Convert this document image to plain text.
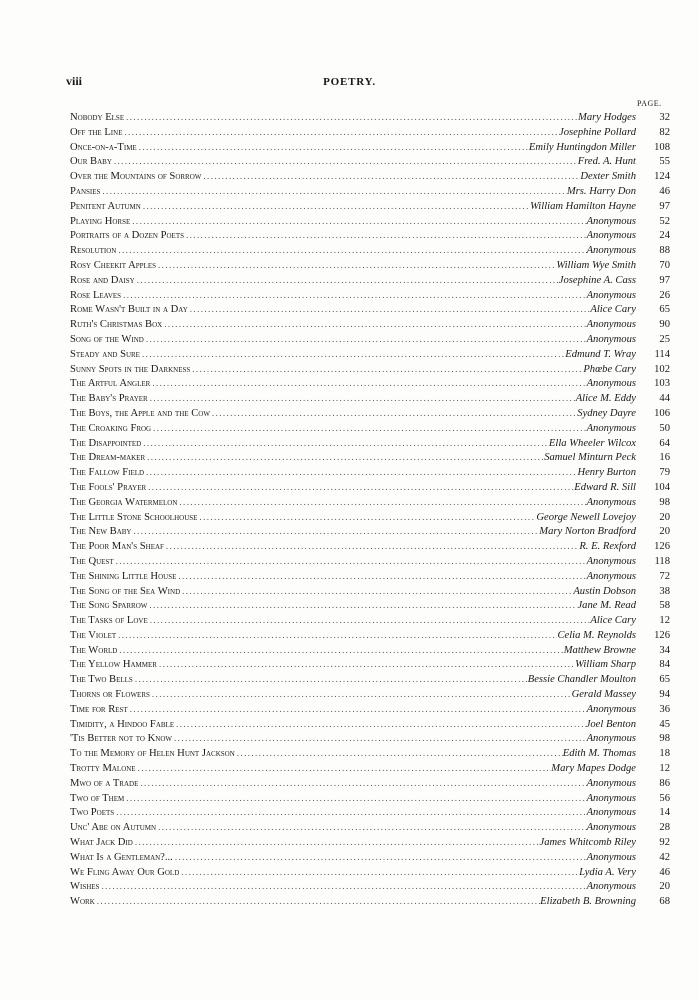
viii	POETRY.
PAGE.
Nobody Else .....	Mary Hodges	32
Off the Line .....	Josephine Pollard	82
Once-on-a-Time .....	Emily Huntingdon Miller	108
Our Baby .....	Fred. A. Hunt	55
Over the Mountains of Sorrow .....	Dexter Smith	124
Pansies .....	Mrs. Harry Don	46
Penitent Autumn .....	William Hamilton Hayne	97
Playing Horse .....	Anonymous	52
Portraits of a Dozen Poets .....	Anonymous	24
Resolution .....	Anonymous	88
Rosy Cheekit Apples .....	William Wye Smith	70
Rose and Daisy .....	Josephine A. Cass	97
Rose Leaves .....	Anonymous	26
Rome Wasn't Built in a Day .....	Alice Cary	65
Ruth's Christmas Box .....	Anonymous	90
Song of the Wind .....	Anonymous	25
Steady and Sure .....	Edmund T. Wray	114
Sunny Spots in the Darkness .....	Phœbe Cary	102
The Artful Angler .....	Anonymous	103
The Baby's Prayer .....	Alice M. Eddy	44
The Boys, the Apple and the Cow .....	Sydney Dayre	106
The Croaking Frog .....	Anonymous	50
The Disappointed .....	Ella Wheeler Wilcox	64
The Dream-maker .....	Samuel Minturn Peck	16
The Fallow Field .....	Henry Burton	79
The Fools' Prayer .....	Edward R. Sill	104
The Georgia Watermelon .....	Anonymous	98
The Little Stone Schoolhouse .....	George Newell Lovejoy	20
The New Baby .....	Mary Norton Bradford	20
The Poor Man's Sheaf .....	R. E. Rexford	126
The Quest .....	Anonymous	118
The Shining Little House .....	Anonymous	72
The Song of the Sea Wind .....	Austin Dobson	38
The Song Sparrow .....	Jane M. Read	58
The Tasks of Love .....	Alice Cary	12
The Violet .....	Celia M. Reynolds	126
The World .....	Matthew Browne	34
The Yellow Hammer .....	William Sharp	84
The Two Bells .....	Bessie Chandler Moulton	65
Thorns or Flowers .....	Gerald Massey	94
Time for Rest .....	Anonymous	36
Timidity, a Hindoo Fable .....	Joel Benton	45
'Tis Better not to Know .....	Anonymous	98
To the Memory of Helen Hunt Jackson .....	Edith M. Thomas	18
Trotty Malone .....	Mary Mapes Dodge	12
Mwo of a Trade .....	Anonymous	86
Two of Them .....	Anonymous	56
Two Poets .....	Anonymous	14
Unc' Abe on Autumn .....	Anonymous	28
What Jack Did .....	James Whitcomb Riley	92
What Is a Gentleman?... .....	Anonymous	42
We Fling Away Our Gold .....	Lydia A. Very	46
Wishes .....	Anonymous	20
Work .....	Elizabeth B. Browning	68
